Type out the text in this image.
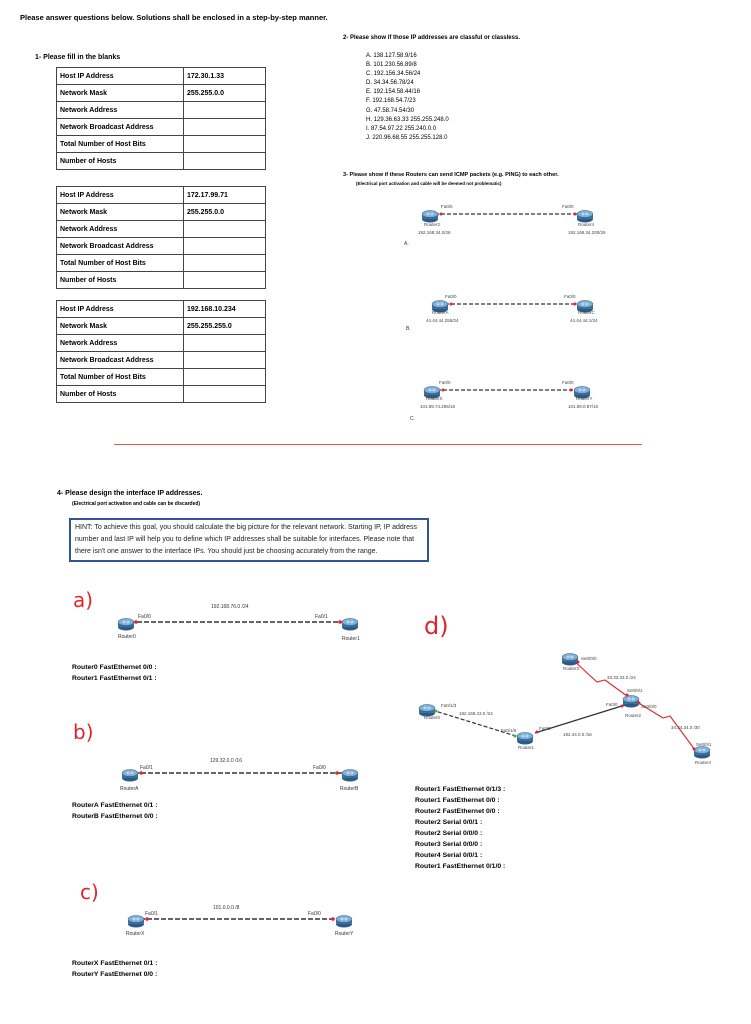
Please answer questions below. Solutions shall be enclosed in a step-by-step manner.
1- Please fill in the blanks
Host IP Address	172.30.1.33
Network Mask	255.255.0.0
Network Address	
Network Broadcast Address	
Total Number of Host Bits	
Number of Hosts	
Host IP Address	172.17.99.71
Network Mask	255.255.0.0
Network Address	
Network Broadcast Address	
Total Number of Host Bits	
Number of Hosts	
Host IP Address	192.168.10.234
Network Mask	255.255.255.0
Network Address	
Network Broadcast Address	
Total Number of Host Bits	
Number of Hosts	
2- Please show if those IP addresses are classful or classless.
A. 138.127.58.9/16
B. 101.230.56.89/8
C. 192.156.34.56/24
D. 34.34.56.78/24
E. 192.154.58.44/16
F. 192.168.54.7/23
G. 47.58.74.54/30
H. 129.36.63.33 255.255.248.0
I. 87.54.97.22 255.240.0.0
J. 220.96.68.55 255.255.128.0
3- Please show if these Routers can send ICMP packets (e.g. PING) to each other.
(Electrical port activation and cable will be deemed not problematic)
Fa0/0	Fa0/0
Router2	Router4
192.168.34.0/26	192.168.34.200/26
A.
Fa0/0	Fa0/0
RouterA	RouterC
44.44.44.255/24	44.44.44.1/24
B.
Fa0/0	Fa0/0
RouterX	RouterY
101.89.74.255/16	101.89.0.87/16
C.
4- Please design the interface IP addresses.
(Electrical port activation and cable can be discarded)
HINT: To achieve this goal, you should calculate the big picture for the relevant network. Starting IP, IP address number and last IP will help you to define which IP addresses shall be suitable for interfaces. Please note that there isn't one answer to the interface IPs. You should just be choosing accurately from the range.
a)
b)
c)
d)
192.168.76.0 /24
Fa0/0	Fa0/1
Router0	Router1
129.32.0.0 /16
Fa0/1	Fa0/0
RouterA	RouterB
101.0.0.0 /8
Fa0/1	Fa0/0
RouterX	RouterY
Router0 FastEthernet 0/0 :
Router1 FastEthernet 0/1 :
RouterA FastEthernet 0/1 :
RouterB FastEthernet 0/0 :
RouterX FastEthernet 0/1 :
RouterY FastEthernet 0/0 :
Router0
Router1
Router2
Router3
Router4
192.168.23.0 /24
192.44.0.0 /16
33.33.33.0 /24
34.34.34.0 /30
Fa0/1/3
Fa0/1/0	Fa0/0
Fa0/0
Se0/0/1
Se0/0/0
Se0/0/0
Se0/0/1
Router1 FastEthernet 0/1/3 :
Router1 FastEthernet 0/0 :
Router2 FastEthernet 0/0 :
Router2 Serial 0/0/1 :
Router2 Serial 0/0/0 :
Router3 Serial 0/0/0 :
Router4 Serial 0/0/1 :
Router1 FastEthernet 0/1/0 :
